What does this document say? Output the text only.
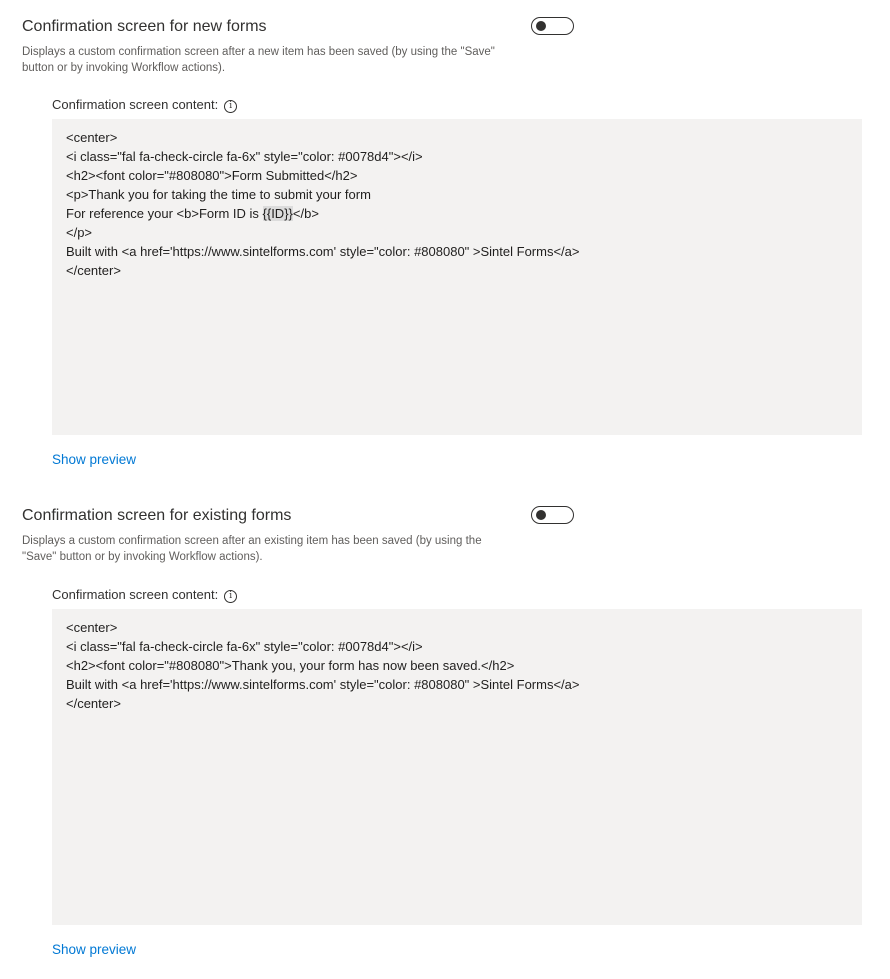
Confirmation screen for new forms
Displays a custom confirmation screen after a new item has been saved (by using the "Save" button or by invoking Workflow actions).
Confirmation screen content: i
<center>
<i class="fal fa-check-circle fa-6x" style="color: #0078d4"></i>
<h2><font color="#808080">Form Submitted</h2>
<p>Thank you for taking the time to submit your form
For reference your <b>Form ID is {{ID}}</b>
</p>
Built with <a href='https://www.sintelforms.com' style="color: #808080" >Sintel Forms</a>
</center>
Show preview
Confirmation screen for existing forms
Displays a custom confirmation screen after an existing item has been saved (by using the "Save" button or by invoking Workflow actions).
Confirmation screen content: i
<center>
<i class="fal fa-check-circle fa-6x" style="color: #0078d4"></i>
<h2><font color="#808080">Thank you, your form has now been saved.</h2>
Built with <a href='https://www.sintelforms.com' style="color: #808080" >Sintel Forms</a>
</center>
Show preview
